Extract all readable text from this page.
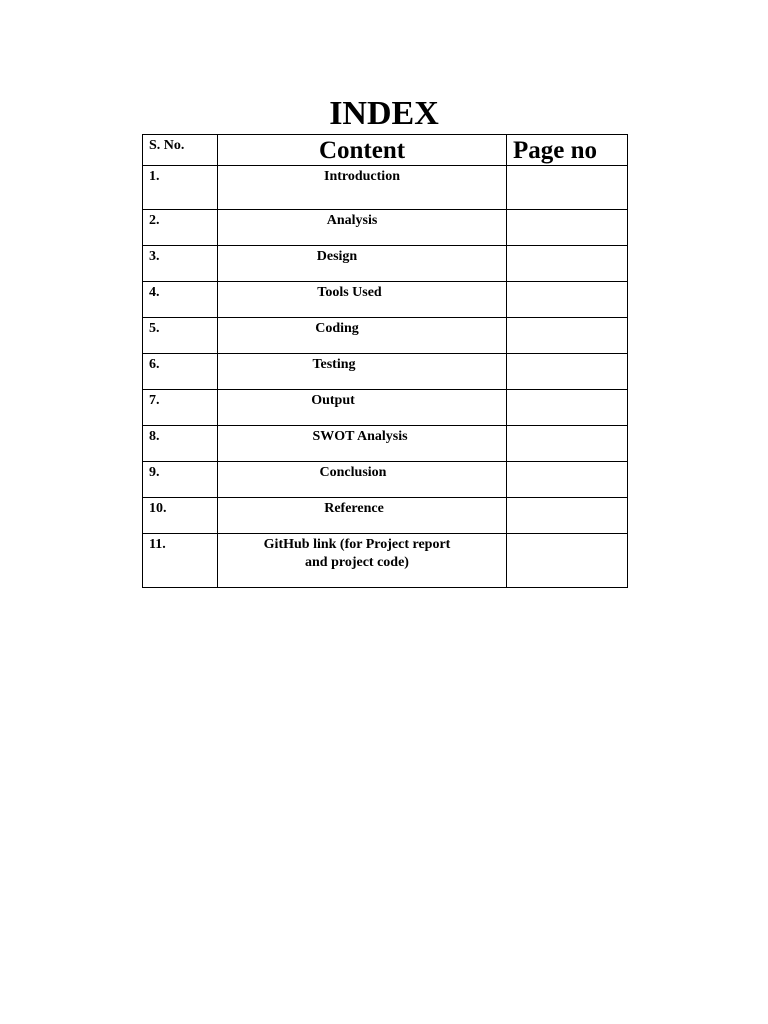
INDEX
S. No.	Content	Page no
1.	Introduction	
2.	Analysis	
3.	Design	
4.	Tools Used	
5.	Coding	
6.	Testing	
7.	Output	
8.	SWOT Analysis	
9.	Conclusion	
10.	Reference	
11.	GitHub link (for Project report and project code)	
